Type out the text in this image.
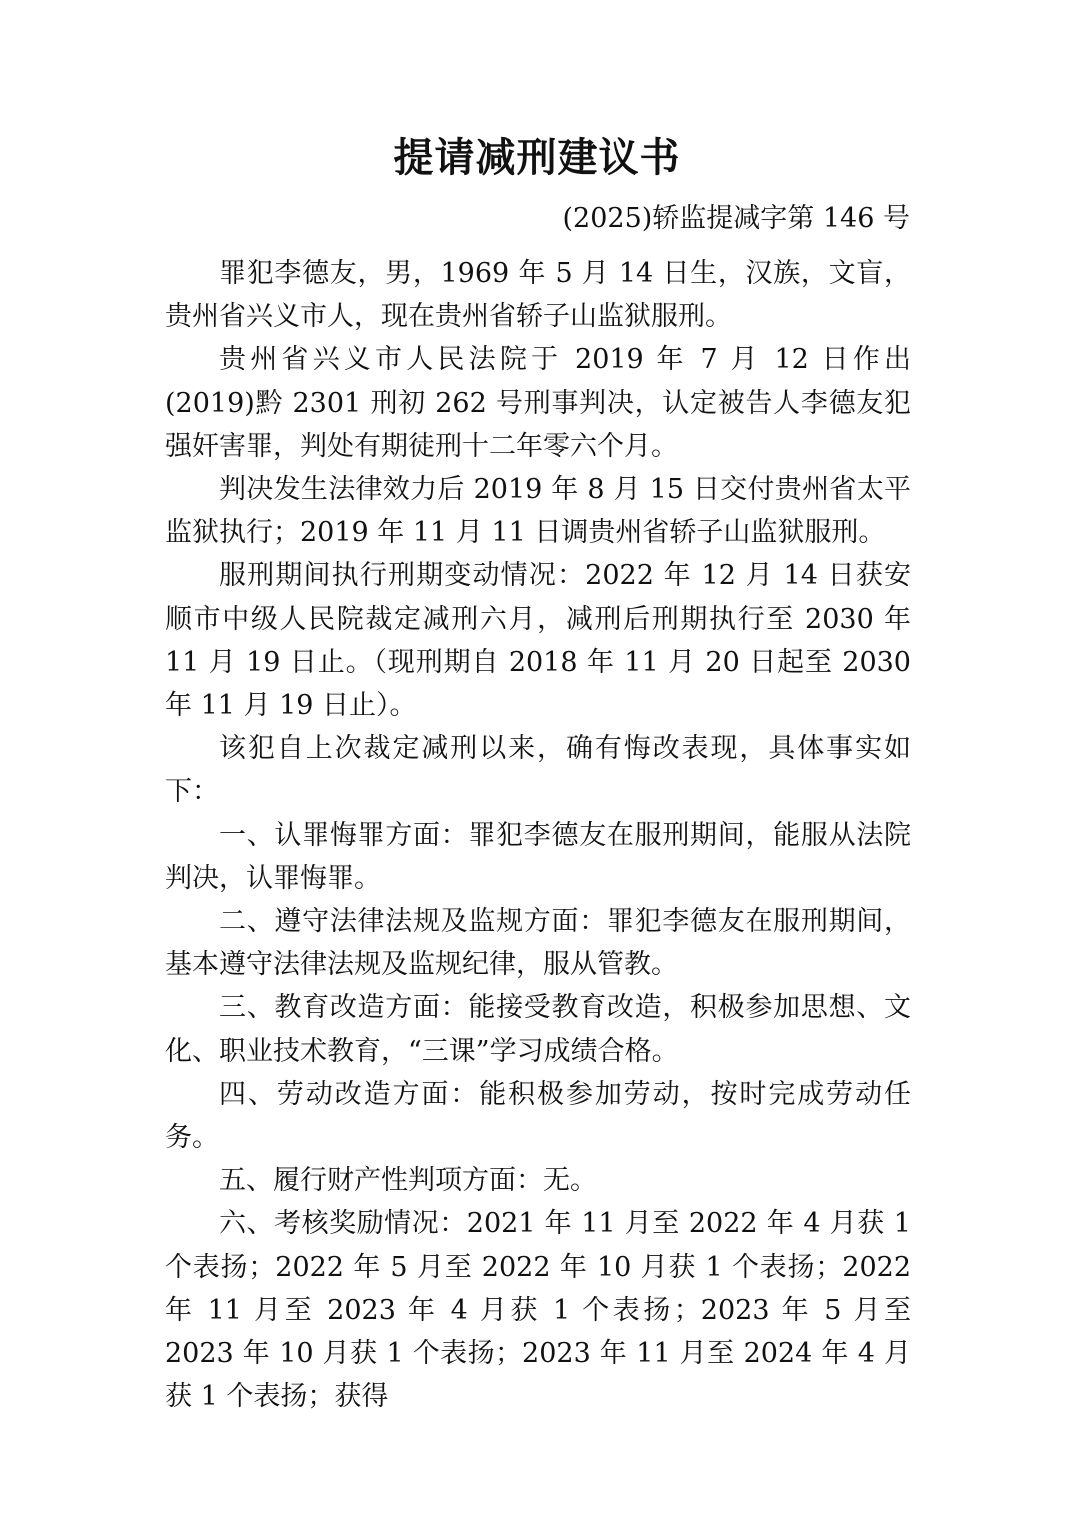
提请减刑建议书
(2025)轿监提减字第 146 号

罪犯李德友，男，1969 年 5 月 14 日生，汉族，文盲，贵州省兴义市人，现在贵州省轿子山监狱服刑。

贵州省兴义市人民法院于 2019 年 7 月 12 日作出(2019)黔 2301 刑初 262 号刑事判决，认定被告人李德友犯强奸害罪，判处有期徒刑十二年零六个月。

判决发生法律效力后 2019 年 8 月 15 日交付贵州省太平监狱执行；2019 年 11 月 11 日调贵州省轿子山监狱服刑。

服刑期间执行刑期变动情况：2022 年 12 月 14 日获安顺市中级人民院裁定减刑六月，减刑后刑期执行至 2030 年 11 月 19 日止。（现刑期自 2018 年 11 月 20 日起至 2030 年 11 月 19 日止）。

该犯自上次裁定减刑以来，确有悔改表现，具体事实如下：

一、认罪悔罪方面：罪犯李德友在服刑期间，能服从法院判决，认罪悔罪。

二、遵守法律法规及监规方面：罪犯李德友在服刑期间，基本遵守法律法规及监规纪律，服从管教。

三、教育改造方面：能接受教育改造，积极参加思想、文化、职业技术教育，“三课”学习成绩合格。

四、劳动改造方面：能积极参加劳动，按时完成劳动任务。

五、履行财产性判项方面：无。

六、考核奖励情况：2021 年 11 月至 2022 年 4 月获 1 个表扬；2022 年 5 月至 2022 年 10 月获 1 个表扬；2022 年 11 月至 2023 年 4 月获 1 个表扬；2023 年 5 月至 2023 年 10 月获 1 个表扬；2023 年 11 月至 2024 年 4 月获 1 个表扬；获得
